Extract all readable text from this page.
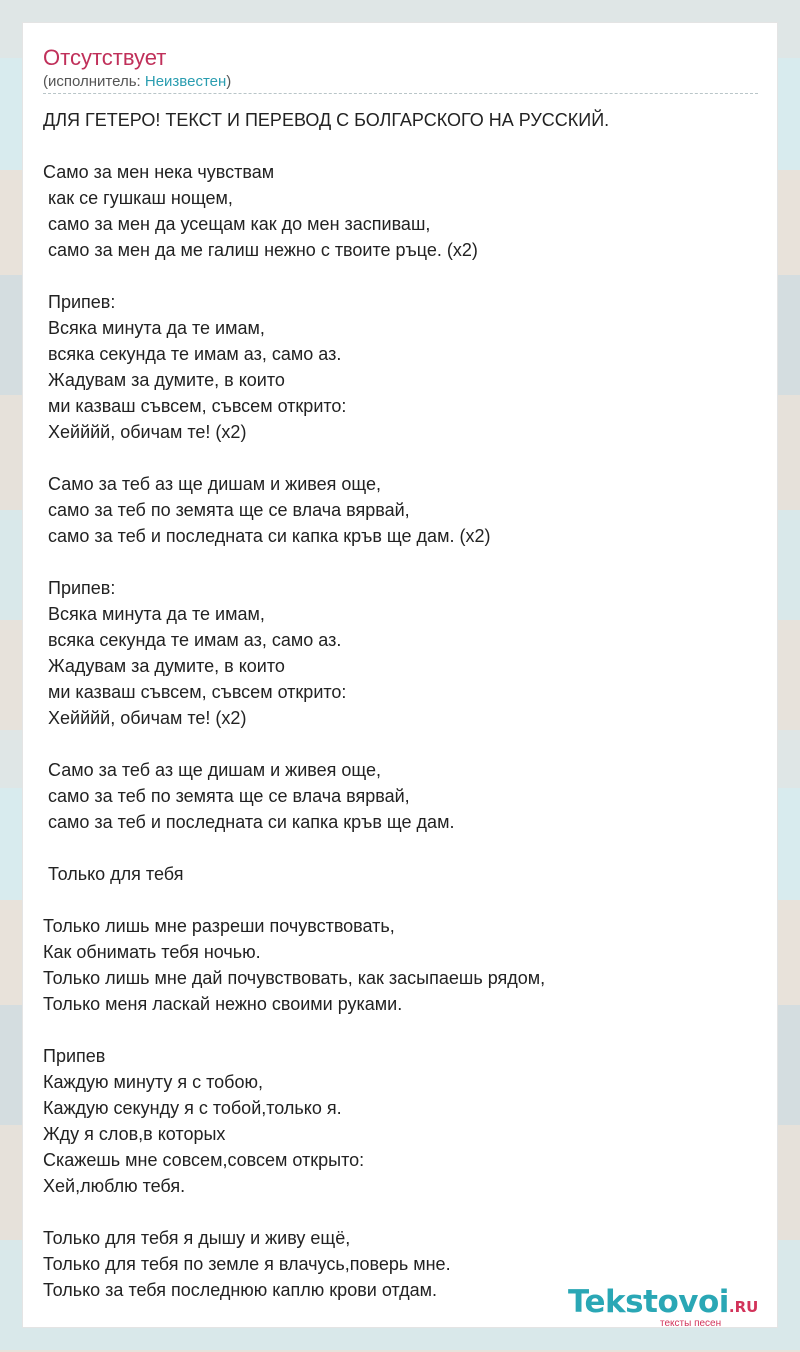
Отсутствует
(исполнитель: Неизвестен)
ДЛЯ ГЕТЕРО! ТЕКСТ И ПЕРЕВОД С БОЛГАРСКОГО НА РУССКИЙ.

Само за мен нека чувствам
как се гушкаш нощем,
само за мен да усещам как до мен заспиваш,
само за мен да ме галиш нежно с твоите ръце. (x2)

Припев:
Всяка минута да те имам,
всяка секунда те имам аз, само аз.
Жадувам за думите, в които
ми казваш съвсем, съвсем открито:
Хейййй, обичам те! (x2)

Само за теб аз ще дишам и живея още,
само за теб по земята ще се влача вярвай,
само за теб и последната си капка кръв ще дам. (x2)

Припев:
Всяка минута да те имам,
всяка секунда те имам аз, само аз.
Жадувам за думите, в които
ми казваш съвсем, съвсем открито:
Хейййй, обичам те! (x2)

Само за теб аз ще дишам и живея още,
само за теб по земята ще се влача вярвай,
само за теб и последната си капка кръв ще дам.

Только для тебя

Только лишь мне разреши почувствовать,
Как обнимать тебя ночью.
Только лишь мне дай почувствовать, как засыпаешь рядом,
Только меня ласкай нежно своими руками.

Припев
Каждую минуту я с тобою,
Каждую секунду я с тобой,только я.
Жду я слов,в которых
Скажешь мне совсем,совсем открыто:
Хей,люблю тебя.

Только для тебя я дышу и живу ещё,
Только для тебя по земле я влачусь,поверь мне.
Только за тебя последнюю каплю крови отдам.	Tekstovoi.RU
тексты песен
